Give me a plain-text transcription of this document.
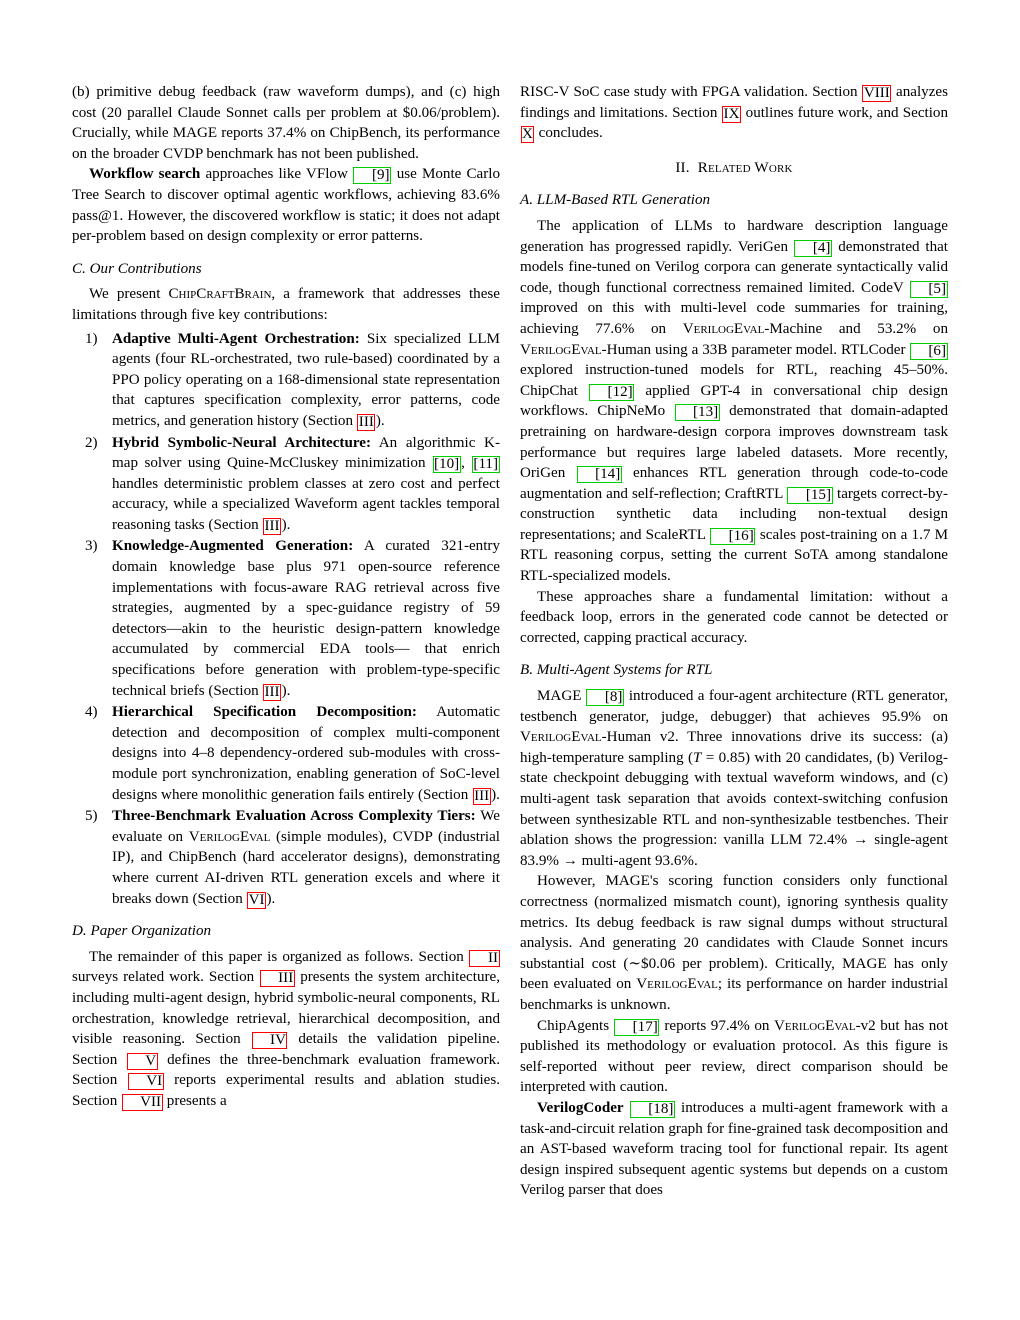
(b) primitive debug feedback (raw waveform dumps), and (c) high cost (20 parallel Claude Sonnet calls per problem at $0.06/problem). Crucially, while MAGE reports 37.4% on ChipBench, its performance on the broader CVDP benchmark has not been published.

Workflow search approaches like VFlow [9] use Monte Carlo Tree Search to discover optimal agentic workflows, achieving 83.6% pass@1. However, the discovered workflow is static; it does not adapt per-problem based on design complexity or error patterns.

C. Our Contributions

We present ChipCraftBrain, a framework that addresses these limitations through five key contributions:

Adaptive Multi-Agent Orchestration: Six specialized LLM agents (four RL-orchestrated, two rule-based) coordinated by a PPO policy operating on a 168-dimensional state representation that captures specification complexity, error patterns, code metrics, and generation history (Section III ).
Hybrid Symbolic-Neural Architecture: An algorithmic K-map solver using Quine-McCluskey minimization [10] , [11] handles deterministic problem classes at zero cost and perfect accuracy, while a specialized Waveform agent tackles temporal reasoning tasks (Section III ).
Knowledge-Augmented Generation: A curated 321-entry domain knowledge base plus 971 open-source reference implementations with focus-aware RAG retrieval across five strategies, augmented by a spec-guidance registry of 59 detectors—akin to the heuristic design-pattern knowledge accumulated by commercial EDA tools— that enrich specifications before generation with problem-type-specific technical briefs (Section III ).
Hierarchical Specification Decomposition: Automatic detection and decomposition of complex multi-component designs into 4–8 dependency-ordered sub-modules with cross-module port synchronization, enabling generation of SoC-level designs where monolithic generation fails entirely (Section III ).
Three-Benchmark Evaluation Across Complexity Tiers: We evaluate on VerilogEval (simple modules), CVDP (industrial IP), and ChipBench (hard accelerator designs), demonstrating where current AI-driven RTL generation excels and where it breaks down (Section VI ).
D. Paper Organization

The remainder of this paper is organized as follows. Section II surveys related work. Section III presents the system architecture, including multi-agent design, hybrid symbolic-neural components, RL orchestration, knowledge retrieval, hierarchical decomposition, and visible reasoning. Section IV details the validation pipeline. Section V defines the three-benchmark evaluation framework. Section VI reports experimental results and ablation studies. Section VII presents a

RISC-V SoC case study with FPGA validation. Section VIII analyzes findings and limitations. Section IX outlines future work, and Section X concludes.

II. Related Work
A. LLM-Based RTL Generation

The application of LLMs to hardware description language generation has progressed rapidly. VeriGen [4] demonstrated that models fine-tuned on Verilog corpora can generate syntactically valid code, though functional correctness remained limited. CodeV [5] improved on this with multi-level code summaries for training, achieving 77.6% on VerilogEval-Machine and 53.2% on VerilogEval-Human using a 33B parameter model. RTLCoder [6] explored instruction-tuned models for RTL, reaching 45–50%. ChipChat [12] applied GPT-4 in conversational chip design workflows. ChipNeMo [13] demonstrated that domain-adapted pretraining on hardware-design corpora improves downstream task performance but requires large labeled datasets. More recently, OriGen [14] enhances RTL generation through code-to-code augmentation and self-reflection; CraftRTL [15] targets correct-by-construction synthetic data including non-textual design representations; and ScaleRTL [16] scales post-training on a 1.7 M RTL reasoning corpus, setting the current SoTA among standalone RTL-specialized models.

These approaches share a fundamental limitation: without a feedback loop, errors in the generated code cannot be detected or corrected, capping practical accuracy.

B. Multi-Agent Systems for RTL

MAGE [8] introduced a four-agent architecture (RTL generator, testbench generator, judge, debugger) that achieves 95.9% on VerilogEval-Human v2. Three innovations drive its success: (a) high-temperature sampling (T = 0.85) with 20 candidates, (b) Verilog-state checkpoint debugging with textual waveform windows, and (c) multi-agent task separation that avoids context-switching confusion between synthesizable RTL and non-synthesizable testbenches. Their ablation shows the progression: vanilla LLM 72.4% → single-agent 83.9% → multi-agent 93.6%.

However, MAGE's scoring function considers only functional correctness (normalized mismatch count), ignoring synthesis quality metrics. Its debug feedback is raw signal dumps without structural analysis. And generating 20 candidates with Claude Sonnet incurs substantial cost (∼$0.06 per problem). Critically, MAGE has only been evaluated on VerilogEval; its performance on harder industrial benchmarks is unknown.

ChipAgents [17] reports 97.4% on VerilogEval-v2 but has not published its methodology or evaluation protocol. As this figure is self-reported without peer review, direct comparison should be interpreted with caution.

VerilogCoder [18] introduces a multi-agent framework with a task-and-circuit relation graph for fine-grained task decomposition and an AST-based waveform tracing tool for functional repair. Its agent design inspired subsequent agentic systems but depends on a custom Verilog parser that does
